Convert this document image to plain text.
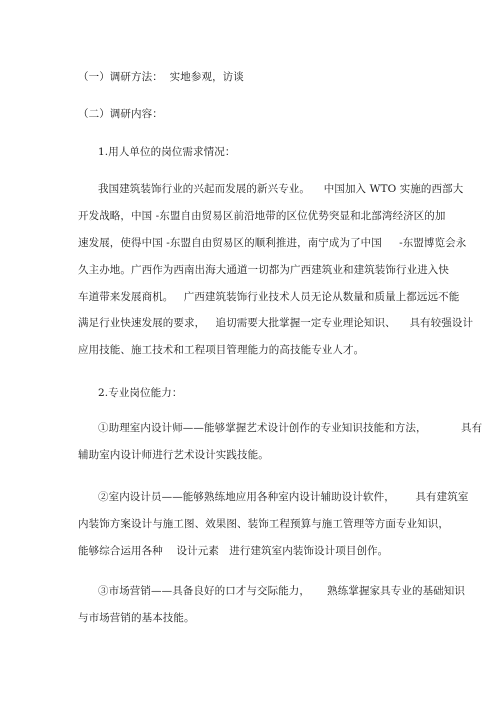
（一）调研方法：  实地参观，访谈
（二）调研内容：
1.用人单位的岗位需求情况：
我国建筑装饰行业的兴起而发展的新兴专业。    中国加入 WTO 实施的西部大
开发战略，中国 -东盟自由贸易区前沿地带的区位优势突显和北部湾经济区的加
速发展，使得中国 -东盟自由贸易区的顺利推进，南宁成为了中国     -东盟博览会永
久主办地。广西作为西南出海大通道一切都为广西建筑业和建筑装饰行业进入快
车道带来发展商机。   广西建筑装饰行业技术人员无论从数量和质量上都远远不能
满足行业快速发展的要求，   追切需要大批掌握一定专业理论知识、    具有较强设计
应用技能、施工技术和工程项目管理能力的高技能专业人才。
2.专业岗位能力：
①助理室内设计师——能够掌握艺术设计创作的专业知识技能和方法，          具有
辅助室内设计师进行艺术设计实践技能。
②室内设计员——能够熟练地应用各种室内设计辅助设计软件，      具有建筑室
内装饰方案设计与施工图、效果图、装饰工程预算与施工管理等方面专业知识，
能够综合运用各种    设计元素   进行建筑室内装饰设计项目创作。
③市场营销——具备良好的口才与交际能力，     熟练掌握家具专业的基础知识
与市场营销的基本技能。
